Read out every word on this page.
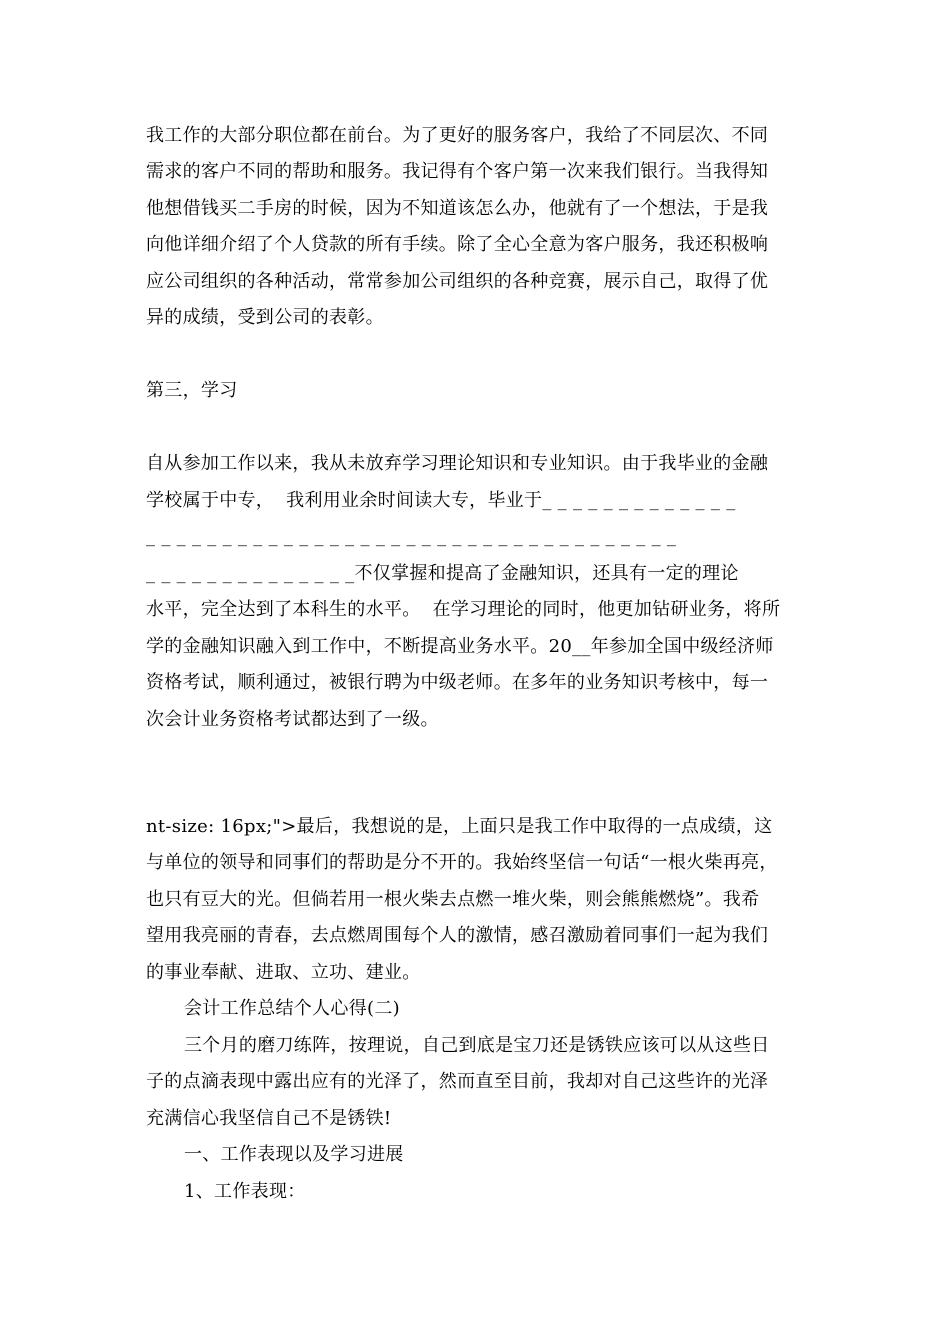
我工作的大部分职位都在前台。为了更好的服务客户，我给了不同层次、不同
需求的客户不同的帮助和服务。我记得有个客户第一次来我们银行。当我得知
他想借钱买二手房的时候，因为不知道该怎么办，他就有了一个想法，于是我
向他详细介绍了个人贷款的所有手续。除了全心全意为客户服务，我还积极响
应公司组织的各种活动，常常参加公司组织的各种竞赛，展示自己，取得了优
异的成绩，受到公司的表彰。
第三，学习
自从参加工作以来，我从未放弃学习理论知识和专业知识。由于我毕业的金融
学校属于中专，  我利用业余时间读大专，毕业于_ _ _ _ _ _ _ _ _ _ _ _ _
_ _ _ _ _ _ _ _ _ _ _ _ _ _ _ _ _ _ _ _ _ _ _ _ _ _ _ _ _ _ _ _ _ _ _
_ _ _ _ _ _ _ _ _ _ _ _ _ _不仅掌握和提高了金融知识，还具有一定的理论
水平，完全达到了本科生的水平。  在学习理论的同时，他更加钻研业务，将所
学的金融知识融入到工作中，不断提高业务水平。20__年参加全国中级经济师
资格考试，顺利通过，被银行聘为中级老师。在多年的业务知识考核中，每一
次会计业务资格考试都达到了一级。
nt-size: 16px;">最后，我想说的是，上面只是我工作中取得的一点成绩，这
与单位的领导和同事们的帮助是分不开的。我始终坚信一句话“一根火柴再亮，
也只有豆大的光。但倘若用一根火柴去点燃一堆火柴，则会熊熊燃烧”。我希
望用我亮丽的青春，去点燃周围每个人的激情，感召激励着同事们一起为我们
的事业奉献、进取、立功、建业。
会计工作总结个人心得(二)
三个月的磨刀练阵，按理说，自己到底是宝刀还是锈铁应该可以从这些日
子的点滴表现中露出应有的光泽了，然而直至目前，我却对自己这些许的光泽
充满信心我坚信自己不是锈铁!
一、工作表现以及学习进展
1、工作表现：
